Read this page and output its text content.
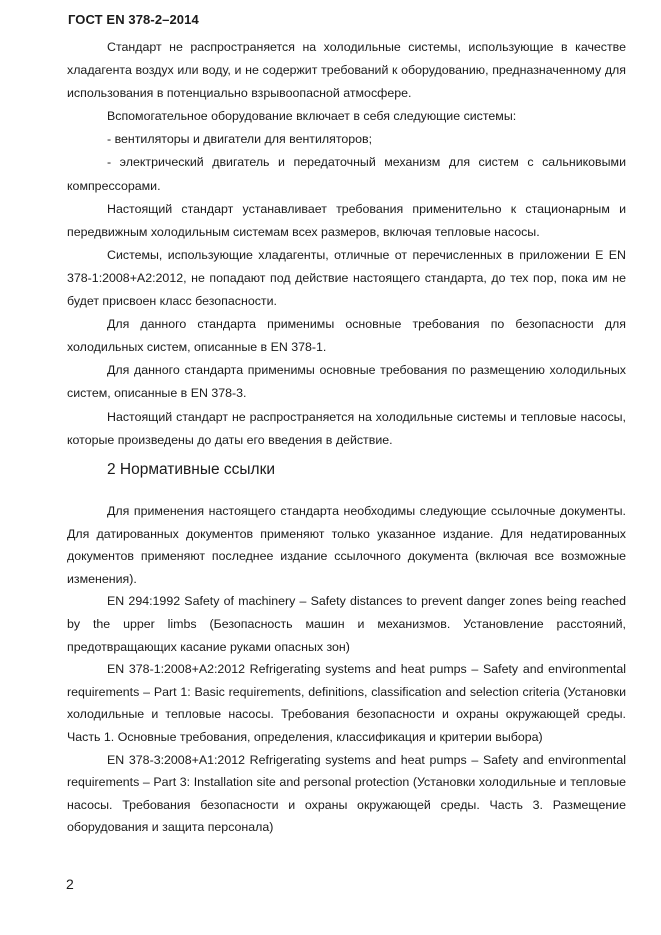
ГОСТ EN 378-2–2014

Стандарт не распространяется на холодильные системы, использующие в качестве хладагента воздух или воду, и не содержит требований к оборудованию, предназначенному для использования в потенциально взрывоопасной атмосфере.

Вспомогательное оборудование включает в себя следующие системы:

- вентиляторы и двигатели для вентиляторов;

- электрический двигатель и передаточный механизм для систем с сальниковыми компрессорами.

Настоящий стандарт устанавливает требования применительно к стационарным и передвижным холодильным системам всех размеров, включая тепловые насосы.

Системы, использующие хладагенты, отличные от перечисленных в приложении Е EN 378-1:2008+A2:2012, не попадают под действие настоящего стандарта, до тех пор, пока им не будет присвоен класс безопасности.

Для данного стандарта применимы основные требования по безопасности для холодильных систем, описанные в EN 378-1.

Для данного стандарта применимы основные требования по размещению холодильных систем, описанные в EN 378-3.

Настоящий стандарт не распространяется на холодильные системы и тепловые насосы, которые произведены до даты его введения в действие.

2 Нормативные ссылки

Для применения настоящего стандарта необходимы следующие ссылочные документы. Для датированных документов применяют только указанное издание. Для недатированных документов применяют последнее издание ссылочного документа (включая все возможные изменения).

EN 294:1992 Safety of machinery – Safety distances to prevent danger zones being reached by the upper limbs (Безопасность машин и механизмов. Установление расстояний, предотвращающих касание руками опасных зон)

EN 378-1:2008+A2:2012 Refrigerating systems and heat pumps – Safety and environmental requirements – Part 1: Basic requirements, definitions, classification and selection criteria (Установки холодильные и тепловые насосы. Требования безопасности и охраны окружающей среды. Часть 1. Основные требования, определения, классификация и критерии выбора)

EN 378-3:2008+A1:2012 Refrigerating systems and heat pumps – Safety and environmental requirements – Part 3: Installation site and personal protection (Установки холодильные и тепловые насосы. Требования безопасности и охраны окружающей среды. Часть 3. Размещение оборудования и защита персонала)

2
